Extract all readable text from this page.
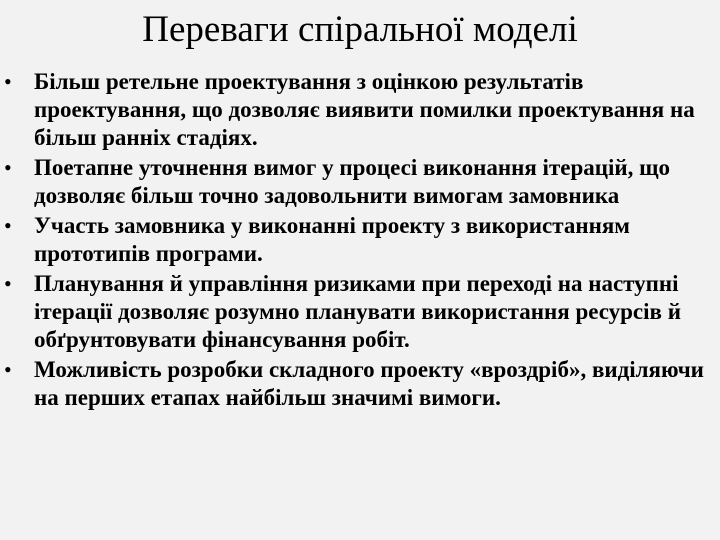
Переваги спіральної моделі
• Більш ретельне проектування з оцінкою результатів проектування, що дозволяє виявити помилки проектування на більш ранніх стадіях.
• Поетапне уточнення вимог у процесі виконання ітерацій, що дозволяє більш точно задовольнити вимогам замовника
• Участь замовника у виконанні проекту з використанням прототипів програми.
• Планування й управління ризиками при переході на наступні ітерації дозволяє розумно планувати використання ресурсів й обґрунтовувати фінансування робіт.
• Можливість розробки складного проекту «вроздріб», виділяючи на перших етапах найбільш значимі вимоги.
